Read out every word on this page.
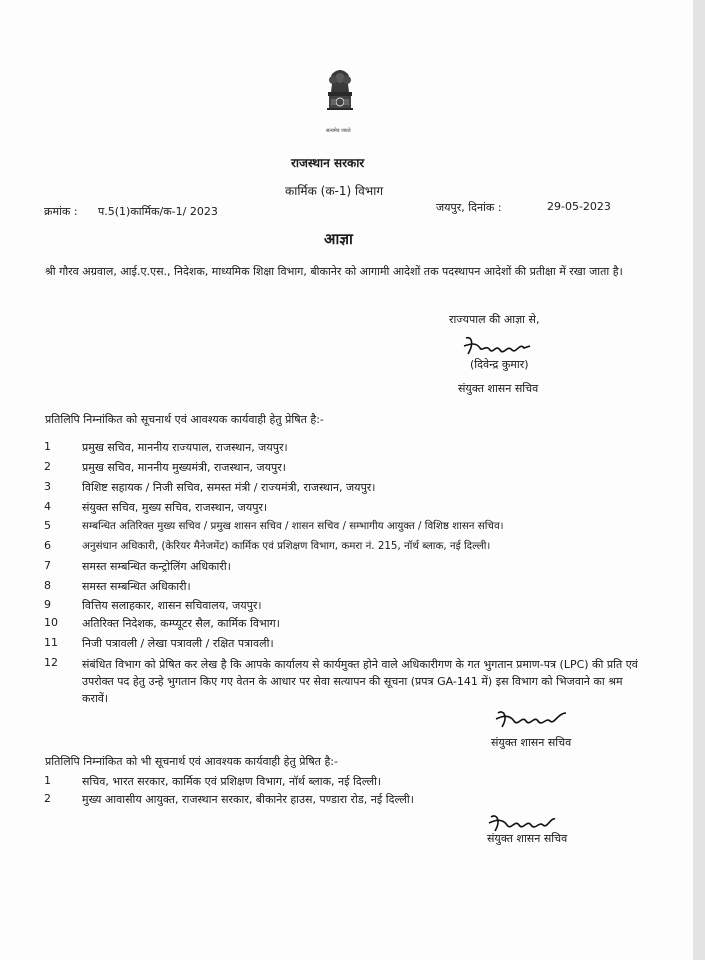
सत्यमेव जयते
राजस्थान सरकार
कार्मिक (क-1) विभाग
क्रमांक : प.5(1)कार्मिक/क-1/ 2023	जयपुर, दिनांक :	29-05-2023
आज्ञा
श्री गौरव अग्रवाल, आई.ए.एस., निदेशक, माध्यमिक शिक्षा विभाग, बीकानेर को आगामी आदेशों तक पदस्थापन आदेशों की प्रतीक्षा में रखा जाता है।
राज्यपाल की आज्ञा से,
(दिवेन्द्र कुमार)
संयुक्त शासन सचिव
प्रतिलिपि निम्नांकित को सूचनार्थ एवं आवश्यक कार्यवाही हेतु प्रेषित है:-
1	प्रमुख सचिव, माननीय राज्यपाल, राजस्थान, जयपुर।
2	प्रमुख सचिव, माननीय मुख्यमंत्री, राजस्थान, जयपुर।
3	विशिष्ट सहायक / निजी सचिव, समस्त मंत्री / राज्यमंत्री, राजस्थान, जयपुर।
4	संयुक्त सचिव, मुख्य सचिव, राजस्थान, जयपुर।
5	सम्बन्धित अतिरिक्त मुख्य सचिव / प्रमुख शासन सचिव / शासन सचिव / सम्भागीय आयुक्त / विशिष्ठ शासन सचिव।
6	अनुसंधान अधिकारी, (केरियर मैनेजमेंट) कार्मिक एवं प्रशिक्षण विभाग, कमरा नं. 215, नॉर्थ ब्लाक, नई दिल्ली।
7	समस्त सम्बन्धित कन्ट्रोलिंग अधिकारी।
8	समस्त सम्बन्धित अधिकारी।
9	वित्तिय सलाहकार, शासन सचिवालय, जयपुर।
10 अतिरिक्त निदेशक, कम्प्यूटर सैल, कार्मिक विभाग।
11 निजी पत्रावली / लेखा पत्रावली / रक्षित पत्रावली।
12 संबंधित विभाग को प्रेषित कर लेख है कि आपके कार्यालय से कार्यमुक्त होने वाले अधिकारीगण के गत भुगतान प्रमाण-पत्र (LPC) की प्रति एवं उपरोक्त पद हेतु उन्हे भुगतान किए गए वेतन के आधार पर सेवा सत्यापन की सूचना (प्रपत्र GA-141 में) इस विभाग को भिजवाने का श्रम करावें।
संयुक्त शासन सचिव
प्रतिलिपि निम्नांकित को भी सूचनार्थ एवं आवश्यक कार्यवाही हेतु प्रेषित है:-
1	सचिव, भारत सरकार, कार्मिक एवं प्रशिक्षण विभाग, नॉर्थ ब्लाक, नई दिल्ली।
2	मुख्य आवासीय आयुक्त, राजस्थान सरकार, बीकानेर हाउस, पण्डारा रोड, नई दिल्ली।
संयुक्त शासन सचिव
